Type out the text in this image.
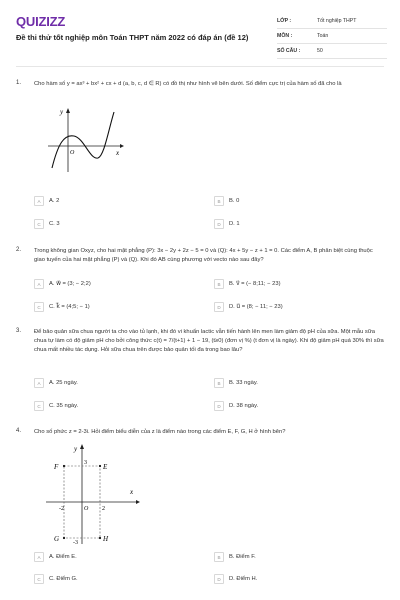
QUIZIZZ
Đề thi thử tốt nghiệp môn Toán THPT năm 2022 có đáp án (đề 12)
LỚP :	Tốt nghiệp THPT
MÔN :	Toán
SỐ CÂU :	50
1. Cho hàm số y = ax³ + bx² + cx + d (a, b, c, d ∈ R) có đồ thị như hình vẽ bên dưới. Số điểm cực trị của hàm số đã cho là
y
x
O
A	A. 2	B	B. 0
C	C. 3	D	D. 1
2. Trong không gian Oxyz, cho hai mặt phẳng (P): 3x − 2y + 2z − 5 = 0 và (Q): 4x + 5y − z + 1 = 0. Các điểm A, B phân biệt cùng thuộc giao tuyến của hai mặt phẳng (P) và (Q). Khi đó AB cùng phương với vecto nào sau đây?
A	A. w⃗ = (3; − 2;2)	B	B. v⃗ = (− 8;11; − 23)
C	C. k⃗ = (4;5; − 1)	D	D. u⃗ = (8; − 11; − 23)
3. Để bảo quản sữa chua người ta cho vào tủ lạnh, khi đó vi khuẩn lactic vẫn tiến hành lên men làm giảm độ pH của sữa. Một mẫu sữa chua tự làm có độ giảm pH cho bởi công thức c(t) = 7/(t+1) + 1 − 19, (t≥0) (đơn vị %) (t đơn vị là ngày). Khi độ giảm pH quá 30% thì sữa chua mất nhiều tác dụng. Hỏi sữa chua trên được bảo quản tối đa trong bao lâu?
A	A. 25 ngày.	B	B. 33 ngày.
C	C. 35 ngày.	D	D. 38 ngày.
4. Cho số phức z = 2-3i. Hỏi điểm biểu diễn của z là điểm nào trong các điểm E, F, G, H ở hình bên?
y
x
O
3
-3
-2	2
F	E
G	H
A	A. Điểm E.	B	B. Điểm F.
C	C. Điểm G.	D	D. Điểm H.
